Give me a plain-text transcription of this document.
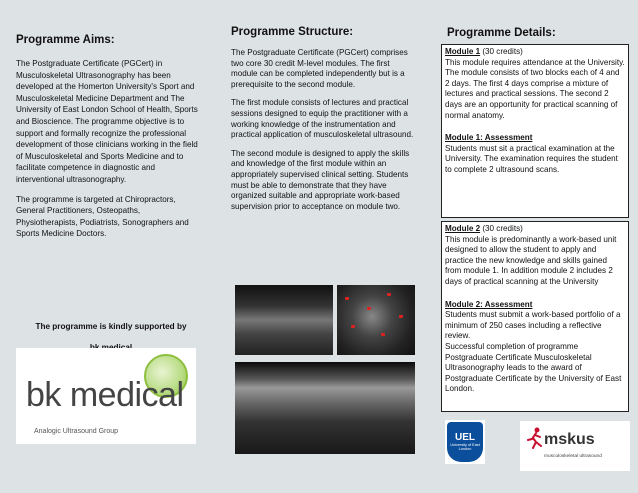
Programme Aims:

The Postgraduate Certificate (PGCert) in Musculoskeletal Ultrasonography has been developed at the Homerton University's Sport and Musculoskeletal Medicine Department and The University of East London School of Health, Sports and Bioscience. The programme objective is to support and formally recognize the professional development of those clinicians working in the field of Musculoskeletal and Sports Medicine and to facilitate competence in diagnostic and interventional ultrasonography.

The programme is targeted at Chiropractors, General Practitioners, Osteopaths, Physiotherapists, Podiatrists, Sonographers and Sports Medicine Doctors.

The programme is kindly supported by
bk medical
Analogic Ultrasound Group
Programme Structure:

The Postgraduate Certificate (PGCert) comprises two core 30 credit M-level modules. The first module can be completed independently but is a prerequisite to the second module.

The first module consists of lectures and practical sessions designed to equip the practitioner with a working knowledge of the instrumentation and practical application of musculoskeletal ultrasound.

The second module is designed to apply the skills and knowledge of the first module within an appropriately supervised clinical setting. Students must be able to demonstrate that they have organized suitable and appropriate work-based supervision prior to acceptance on module two.

Programme Details:
Module 1 (30 credits)
This module requires attendance at the University. The module consists of two blocks each of 4 and 2 days. The first 4 days comprise a mixture of lectures and practical sessions. The second 2 days are an opportunity for practical scanning of normal anatomy.
Module 1: Assessment
Students must sit a practical examination at the University. The examination requires the student to complete 2 ultrasound scans.
Module 2 (30 credits)
This module is predominantly a work-based unit designed to allow the student to apply and practice the new knowledge and skills gained from module 1. In addition module 2 includes 2 days of practical scanning at the University
Module 2: Assessment
Students must submit a work-based portfolio of a minimum of 250 cases including a reflective review.
Successful completion of programme Postgraduate Certificate Musculoskeletal Ultrasonography leads to the award of Postgraduate Certificate by the University of East London.
UEL
University of East London
mskus
musculoskeletal ultrasound
